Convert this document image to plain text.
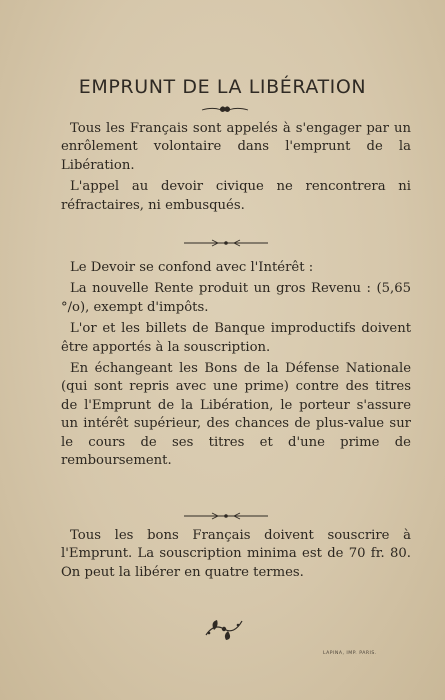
EMPRUNT DE LA LIBÉRATION

Tous les Français sont appelés à s'engager par un enrôlement volontaire dans l'emprunt de la Libération.

L'appel au devoir civique ne rencontrera ni réfractaires, ni embusqués.

Le Devoir se confond avec l'Intérêt :

La nouvelle Rente produit un gros Revenu : (5,65 °/o), exempt d'impôts.

L'or et les billets de Banque improductifs doivent être apportés à la souscription.

En échangeant les Bons de la Défense Nationale (qui sont repris avec une prime) contre des titres de l'Emprunt de la Libération, le porteur s'assure un intérêt supérieur, des chances de plus-value sur le cours de ses titres et d'une prime de remboursement.

Tous les bons Français doivent souscrire à l'Emprunt. La souscription minima est de 70 fr. 80. On peut la libérer en quatre termes.

LAPINA, IMP. PARIS.
